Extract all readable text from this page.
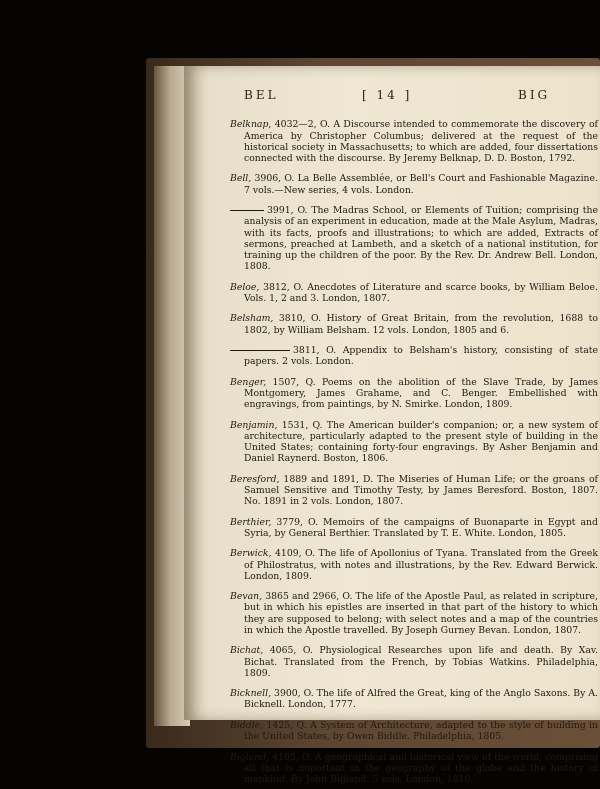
BEL	[ 14 ]	BIG

Belknap, 4032—2, O. A Discourse intended to commemorate the discovery of America by Christopher Columbus; delivered at the request of the historical society in Massachusetts; to which are added, four dissertations connected with the discourse. By Jeremy Belknap, D. D. Boston, 1792.

Bell, 3906, O. La Belle Assemblée, or Bell's Court and Fashionable Magazine. 7 vols.—New series, 4 vols. London.

3991, O. The Madras School, or Elements of Tuition; comprising the analysis of an experiment in education, made at the Male Asylum, Madras, with its facts, proofs and illustrations; to which are added, Extracts of sermons, preached at Lambeth, and a sketch of a national institution, for training up the children of the poor. By the Rev. Dr. Andrew Bell. London, 1808.

Beloe, 3812, O. Anecdotes of Literature and scarce books, by William Beloe. Vols. 1, 2 and 3. London, 1807.

Belsham, 3810, O. History of Great Britain, from the revolution, 1688 to 1802, by William Belsham. 12 vols. London, 1805 and 6.

3811, O. Appendix to Belsham's history, consisting of state papers. 2 vols. London.

Benger, 1507, Q. Poems on the abolition of the Slave Trade, by James Montgomery, James Grahame, and C. Benger. Embellished with engravings, from paintings, by N. Smirke. London, 1809.

Benjamin, 1531, Q. The American builder's companion; or, a new system of architecture, particularly adapted to the present style of building in the United States; containing forty-four engravings. By Asher Benjamin and Daniel Raynerd. Boston, 1806.

Beresford, 1889 and 1891, D. The Miseries of Human Life; or the groans of Samuel Sensitive and Timothy Testy, by James Beresford. Boston, 1807. No. 1891 in 2 vols. London, 1807.

Berthier, 3779, O. Memoirs of the campaigns of Buonaparte in Egypt and Syria, by General Berthier. Translated by T. E. White. London, 1805.

Berwick, 4109, O. The life of Apollonius of Tyana. Translated from the Greek of Philostratus, with notes and illustrations, by the Rev. Edward Berwick. London, 1809.

Bevan, 3865 and 2966, O. The life of the Apostle Paul, as related in scripture, but in which his epistles are inserted in that part of the history to which they are supposed to belong; with select notes and a map of the countries in which the Apostle travelled. By Joseph Gurney Bevan. London, 1807.

Bichat, 4065, O. Physiological Researches upon life and death. By Xav. Bichat. Translated from the French, by Tobias Watkins. Philadelphia, 1809.

Bicknell, 3900, O. The life of Alfred the Great, king of the Anglo Saxons. By A. Bicknell. London, 1777.

Biddle, 1425, Q. A System of Architecture, adapted to the style of building in the United States, by Owen Biddle. Philadelphia, 1805.

Bigland, 4105, O. A geographical and historical view of the world, comprising all that is important in the geography of the globe and the history of mankind. By John Bigland. 5 vols. London, 1810.
